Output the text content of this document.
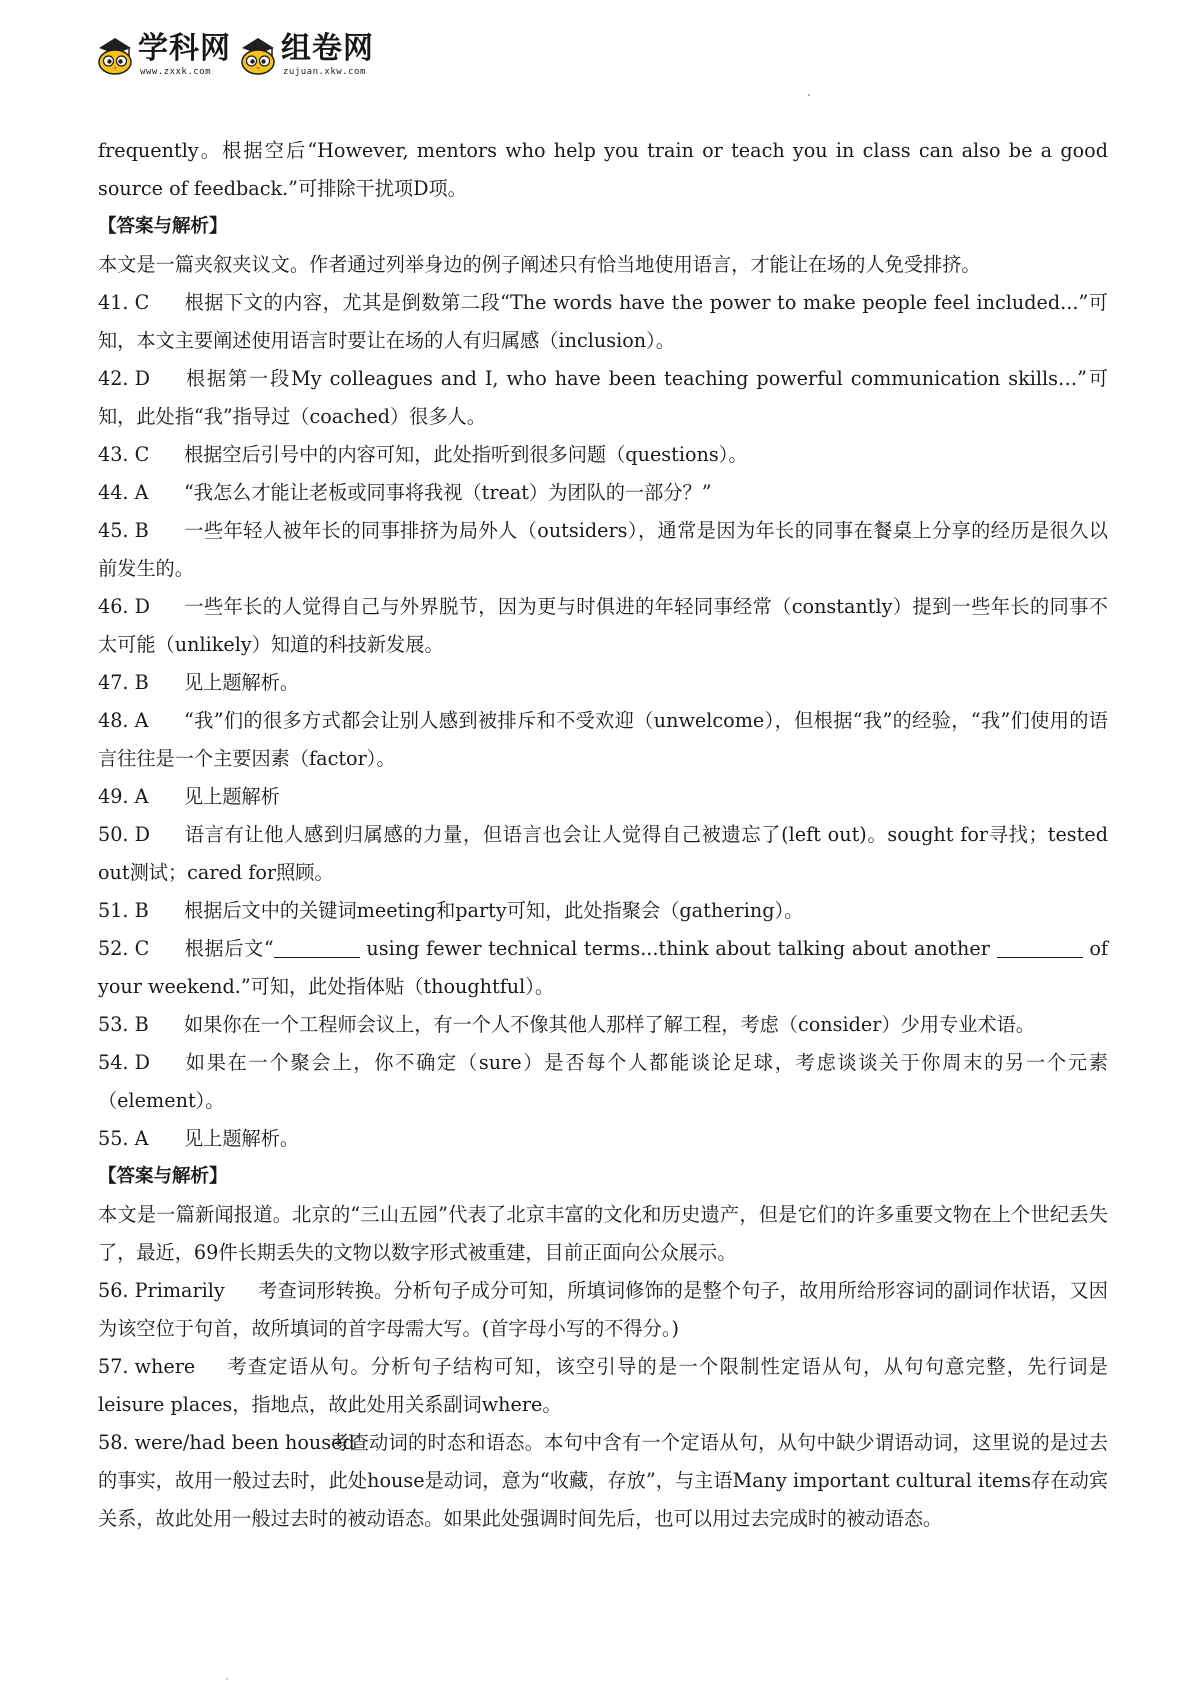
学科网
www.zxxk.com
组卷网
zujuan.xkw.com

frequently。根据空后“However, mentors who help you train or teach you in class can also be a good source of feedback.”可排除干扰项D项。

【答案与解析】

本文是一篇夹叙夹议文。作者通过列举身边的例子阐述只有恰当地使用语言，才能让在场的人免受排挤。

41. C 根据下文的内容，尤其是倒数第二段“The words have the power to make people feel included...”可知，本文主要阐述使用语言时要让在场的人有归属感（inclusion）。

42. D 根据第一段My colleagues and I, who have been teaching powerful communication skills…”可知，此处指“我”指导过（coached）很多人。

43. C 根据空后引号中的内容可知，此处指听到很多问题（questions）。

44. A “我怎么才能让老板或同事将我视（treat）为团队的一部分？”

45. B 一些年轻人被年长的同事排挤为局外人（outsiders），通常是因为年长的同事在餐桌上分享的经历是很久以前发生的。

46. D 一些年长的人觉得自己与外界脱节，因为更与时俱进的年轻同事经常（constantly）提到一些年长的同事不太可能（unlikely）知道的科技新发展。

47. B 见上题解析。

48. A “我”们的很多方式都会让别人感到被排斥和不受欢迎（unwelcome），但根据“我”的经验，“我”们使用的语言往往是一个主要因素（factor）。

49. A 见上题解析

50. D 语言有让他人感到归属感的力量，但语言也会让人觉得自己被遗忘了(left out)。sought for寻找；tested out测试；cared for照顾。

51. B 根据后文中的关键词meeting和party可知，此处指聚会（gathering）。

52. C 根据后文“	using fewer technical terms...think about talking about another	of your weekend.”可知，此处指体贴（thoughtful）。

53. B 如果你在一个工程师会议上，有一个人不像其他人那样了解工程，考虑（consider）少用专业术语。

54. D 如果在一个聚会上，你不确定（sure）是否每个人都能谈论足球，考虑谈谈关于你周末的另一个元素（element）。

55. A 见上题解析。

【答案与解析】

本文是一篇新闻报道。北京的“三山五园”代表了北京丰富的文化和历史遗产，但是它们的许多重要文物在上个世纪丢失了，最近，69件长期丢失的文物以数字形式被重建，目前正面向公众展示。

56. Primarily 考查词形转换。分析句子成分可知，所填词修饰的是整个句子，故用所给形容词的副词作状语，又因为该空位于句首，故所填词的首字母需大写。(首字母小写的不得分。)

57. where 考查定语从句。分析句子结构可知，该空引导的是一个限制性定语从句，从句句意完整，先行词是leisure places，指地点，故此处用关系副词where。

58. were/had been housed考查动词的时态和语态。本句中含有一个定语从句，从句中缺少谓语动词，这里说的是过去的事实，故用一般过去时，此处house是动词，意为“收藏，存放”，与主语Many important cultural items存在动宾关系，故此处用一般过去时的被动语态。如果此处强调时间先后，也可以用过去完成时的被动语态。
